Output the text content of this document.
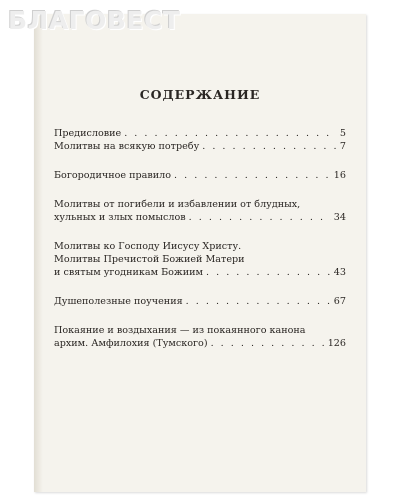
БЛАГОВЕСТ
СОДЕРЖАНИЕ
Предисловие . . .	5
Молитвы на всякую потребу . . .	7
Богородичное правило . . .	16
Молитвы от погибели и избавлении от блудных,
хульных и злых помыслов . . .	34
Молитвы ко Господу Иисусу Христу.
Молитвы Пречистой Божией Матери
и святым угодникам Божиим . . .	43
Душеполезные поучения . . .	67
Покаяние и воздыхания — из покаянного канона
архим. Амфилохия (Тумского) . . .	126
